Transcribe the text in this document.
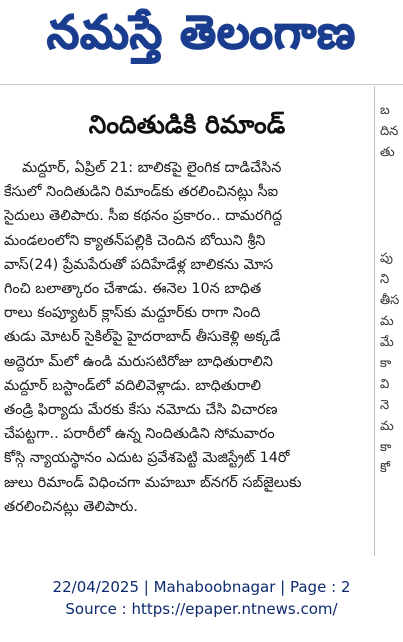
నమస్తే తెలంగాణ
నిందితుడికి రిమాండ్
మద్దూర్, ఏప్రిల్ 21: బాలికపై లైంగిక దాడిచేసిన
కేసులో నిందితుడిని రిమాండ్‌కు తరలించినట్లు సీఐ
సైదులు తెలిపారు. సీఐ కథనం ప్రకారం.. దామరగిద్ద
మండలంలోని క్యాతన్‌పల్లికి చెందిన బోయిని శ్రీని
వాస్(24) ప్రేమపేరుతో పదిహేడేళ్ల బాలికను మోస
గించి బలాత్కారం చేశాడు. ఈనెల 10న బాధిత
రాలు కంప్యూటర్ క్లాస్‌కు మద్దూర్‌కు రాగా నింది
తుడు మోటర్ సైకిల్‌పై హైదరాబాద్ తీసుకెళ్లి అక్కడే
అద్దెరూ మ్‌లో ఉండి మరుసటిరోజు బాధితురాలిని
మద్దూర్ బస్టాండ్‌లో వదిలివెళ్లాడు. బాధితురాలి
తండ్రి ఫిర్యాదు మేరకు కేసు నమోదు చేసి విచారణ
చేపట్టగా.. పరారీలో ఉన్న నిందితుడిని సోమవారం
కోస్గి న్యాయస్థానం ఎదుట ప్రవేశపెట్టి మెజిస్ట్రేట్ 14రో
జులు రిమాండ్ విధించగా మహబూ బ్‌నగర్ సబ్‌జైలుకు
తరలించినట్లు తెలిపారు.
బ
దిన
తు
పు
ని
తీస
మ
మే
కా
వి
నె
మ
కా
కో
22/04/2025 | Mahaboobnagar | Page : 2
Source : https://epaper.ntnews.com/
